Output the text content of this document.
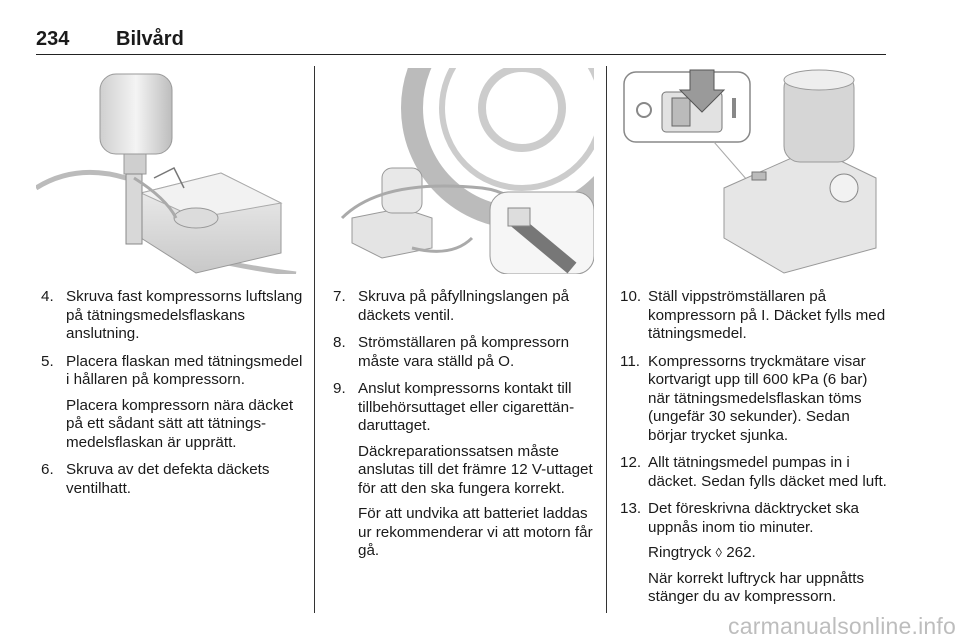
234 Bilvård
4. Skruva fast kompressorns luftslang på tätningsmedelsflaskans anslutning.

5. Placera flaskan med tätningsmedel i hållaren på kompressorn.

Placera kompressorn nära däcket på ett sådant sätt att tätningsmedelsflaskan är upprätt.

6. Skruva av det defekta däckets ventilhatt.

7. Skruva på påfyllningslangen på däckets ventil.

8. Strömställaren på kompressorn måste vara ställd på O.

9. Anslut kompressorns kontakt till tillbehörsuttaget eller cigarettändaruttaget.

Däckreparationssatsen måste anslutas till det främre 12 V-uttaget för att den ska fungera korrekt.

För att undvika att batteriet laddas ur rekommenderar vi att motorn får gå.

10. Ställ vippströmställaren på kompressorn på I. Däcket fylls med tätningsmedel.

11. Kompressorns tryckmätare visar kortvarigt upp till 600 kPa (6 bar) när tätningsmedelsflaskan töms (ungefär 30 sekunder). Sedan börjar trycket sjunka.

12. Allt tätningsmedel pumpas in i däcket. Sedan fylls däcket med luft.

13. Det föreskrivna däcktrycket ska uppnås inom tio minuter.

Ringtryck ◊ 262.

När korrekt luftryck har uppnåtts stänger du av kompressorn.

carmanualsonline.info
